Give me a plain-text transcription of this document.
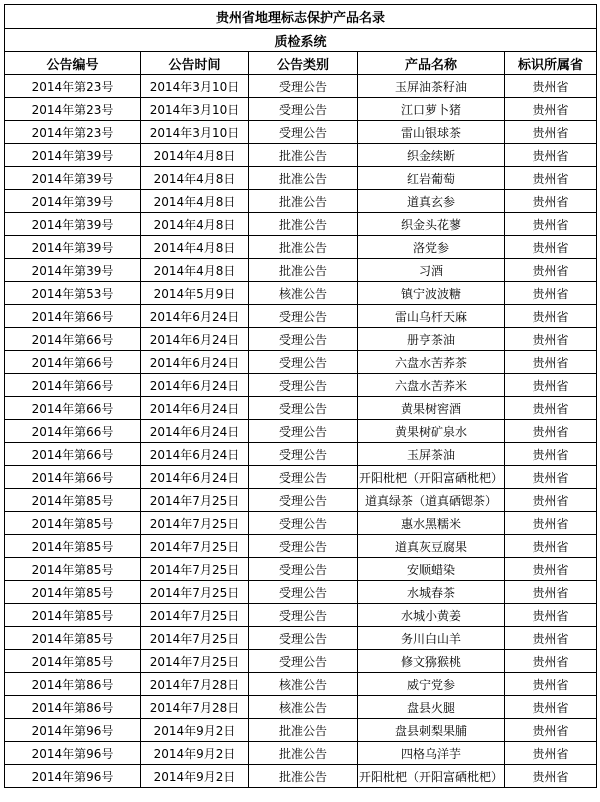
贵州省地理标志保护产品名录				
质检系统				
公告编号	公告时间	公告类别	产品名称	标识所属省
2014年第23号	2014年3月10日	受理公告	玉屏油茶籽油	贵州省
2014年第23号	2014年3月10日	受理公告	江口萝卜猪	贵州省
2014年第23号	2014年3月10日	受理公告	雷山银球茶	贵州省
2014年第39号	2014年4月8日	批准公告	织金续断	贵州省
2014年第39号	2014年4月8日	批准公告	红岩葡萄	贵州省
2014年第39号	2014年4月8日	批准公告	道真玄参	贵州省
2014年第39号	2014年4月8日	批准公告	织金头花蓼	贵州省
2014年第39号	2014年4月8日	批准公告	洛党参	贵州省
2014年第39号	2014年4月8日	批准公告	习酒	贵州省
2014年第53号	2014年5月9日	核准公告	镇宁波波糖	贵州省
2014年第66号	2014年6月24日	受理公告	雷山乌杆天麻	贵州省
2014年第66号	2014年6月24日	受理公告	册亨茶油	贵州省
2014年第66号	2014年6月24日	受理公告	六盘水苦荞茶	贵州省
2014年第66号	2014年6月24日	受理公告	六盘水苦荞米	贵州省
2014年第66号	2014年6月24日	受理公告	黄果树窖酒	贵州省
2014年第66号	2014年6月24日	受理公告	黄果树矿泉水	贵州省
2014年第66号	2014年6月24日	受理公告	玉屏茶油	贵州省
2014年第66号	2014年6月24日	受理公告	开阳枇杷（开阳富硒枇杷）	贵州省
2014年第85号	2014年7月25日	受理公告	道真绿茶（道真硒锶茶）	贵州省
2014年第85号	2014年7月25日	受理公告	惠水黑糯米	贵州省
2014年第85号	2014年7月25日	受理公告	道真灰豆腐果	贵州省
2014年第85号	2014年7月25日	受理公告	安顺蜡染	贵州省
2014年第85号	2014年7月25日	受理公告	水城春茶	贵州省
2014年第85号	2014年7月25日	受理公告	水城小黄姜	贵州省
2014年第85号	2014年7月25日	受理公告	务川白山羊	贵州省
2014年第85号	2014年7月25日	受理公告	修文猕猴桃	贵州省
2014年第86号	2014年7月28日	核准公告	威宁党参	贵州省
2014年第86号	2014年7月28日	核准公告	盘县火腿	贵州省
2014年第96号	2014年9月2日	批准公告	盘县刺梨果脯	贵州省
2014年第96号	2014年9月2日	批准公告	四格乌洋芋	贵州省
2014年第96号	2014年9月2日	批准公告	开阳枇杷（开阳富硒枇杷）	贵州省
